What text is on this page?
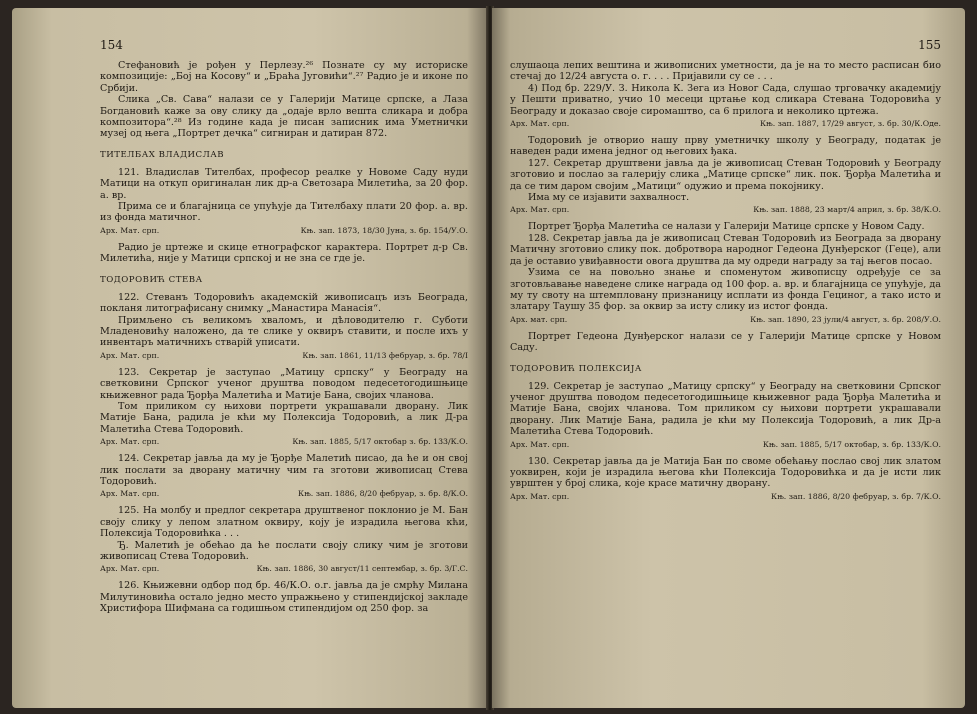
154

Стефановић је рођен у Перлезу.²⁶ Познате су му историске композиције: „Бој на Косову“ и „Браћа Југовићи“.²⁷ Радио је и иконе по Србији.

Слика „Св. Сава“ налази се у Галерији Матице српске, а Лаза Богдановић каже за ову слику да „одаје врло вешта сликара и добра композитора“.²⁸ Из године када је писан записник има Уметнички музеј од њега „Портрет дечка“ сигниран и датиран 872.

ТИТЕЛБАХ ВЛАДИСЛАВ

121. Владислав Тителбах, професор реалке у Новоме Саду нуди Матици на откуп оригиналан лик др-а Светозара Милетића, за 20 фор. а. вр.

Прима се и благајница се упућује да Тителбаху плати 20 фор. а. вр. из фонда матичног.

Арх. Мат. срп.	Књ. зап. 1873, 18/30 Јуна, з. бр. 154/У.О.

Радио је цртеже и скице етнографског карактера. Портрет д-р Св. Милетића, није у Матици српској и не зна се где је.

ТОДОРОВИЋ СТЕВА

122. Стеванъ Тодоровићъ академскій живописацъ изъ Београда, покланя литографисану снимку „Манастира Манасія“.

Примљено съ великомъ хваломъ, и дѣловодителю г. Суботи Младеновићу наложено, да те слике у оквиръ ставити, и после ихъ у инвентаръ матичнихъ стварій уписати.

Арх. Мат. срп.	Књ. зап. 1861, 11/13 фебруар, з. бр. 78/I

123. Секретар је заступао „Матицу српску“ у Београду на светковини Српског ученог друштва поводом педесетогодишњице књижевног рада Ђорђа Малетића и Матије Бана, својих чланова.

Том приликом су њихови портрети украшавали дворану. Лик Матије Бана, радила је кћи му Полексија Тодоровић, а лик Д-ра Малетића Стева Тодоровић.

Арх. Мат. срп.	Књ. зап. 1885, 5/17 октобар з. бр. 133/К.О.

124. Секретар јавља да му је Ђорђе Малетић писао, да ће и он свој лик послати за дворану матичну чим га зготови живописац Стева Тодоровић.

Арх. Мат. срп.	Књ. зап. 1886, 8/20 фебруар, з. бр. 8/К.О.

125. На молбу и предлог секретара друштвеног поклонио је М. Бан своју слику у лепом златном оквиру, коју је израдила његова кћи, Полексија Тодоровићка . . .

Ђ. Малетић је обећао да ће послати своју слику чим је зготови живописац Стева Тодоровић.

Арх. Мат. срп.	Књ. зап. 1886, 30 август/11 септембар, з. бр. 3/Г.С.

126. Књижевни одбор под бр. 46/К.О. о.г. јавља да је смрћу Милана Милутиновића остало једно место упражњено у стипендијској закладе Христифора Шифмана са годишњом стипендијом од 250 фор. за

155

слушаоца лепих вештина и живописних уметности, да је на то место расписан био стечај до 12/24 августа о. г. . . . Пријавили су се . . .

4) Под бр. 229/У. З. Никола К. Зега из Новог Сада, слушао трговачку академију у Пешти приватно, учио 10 месеци цртање код сликара Стевана Тодоровића у Београду и доказао своје сиромаштво, са 6 прилога и неколико цртежа.

Арх. Мат. срп.	Књ. зап. 1887, 17/29 август, з. бр. 30/К.Оде.

Тодоровић је отворио нашу прву уметничку школу у Београду, податак је наведен ради имена једног од његових ђака.

127. Секретар друштвени јавља да је живописац Стеван Тодоровић у Београду зготовио и послао за галерију слика „Матице српске“ лик. пок. Ђорђа Малетића и да се тим даром својим „Матици“ одужио и према покојнику.

Има му се изјавити захвалност.

Арх. Мат. срп.	Књ. зап. 1888, 23 март/4 април, з. бр. 38/К.О.

Портрет Ђорђа Малетића се налази у Галерији Матице српске у Новом Саду.

128. Секретар јавља да је живописац Стеван Тодоровић из Београда за дворану Матичну зготовио слику пок. добротвора народног Гедеона Дунђерског (Геце), али да је оставио увиђавности овога друштва да му одреди награду за тај његов посао.

Узима се на повољно знање и споменутом живописцу одређује се за зготовљавање наведене слике награда од 100 фор. а. вр. и благајница се упућује, да му ту своту на штемплованy признаницу исплати из фонда Гецинoг, а тако исто и златару Таушу 35 фор. за оквир за исту слику из истог фонда.

Арх. мат. срп.	Књ. зап. 1890, 23 јули/4 август, з. бр. 208/У.О.

Портрет Гедеона Дунђерског налази се у Галерији Матице српске у Новом Саду.

ТОДОРОВИЋ ПОЛЕКСИЈА

129. Секретар је заступао „Матицу српску“ у Београду на светковини Српског ученог друштва поводом педесетогодишњице књижевног рада Ђорђа Малетића и Матије Бана, својих чланова. Том приликом су њихови портрети украшавали дворану. Лик Матије Бана, радила је кћи му Полексија Тодоровић, а лик Др-а Малетића Стева Тодоровић.

Арх. Мат. срп.	Књ. зап. 1885, 5/17 октобар, з. бр. 133/К.О.

130. Секретар јавља да је Матија Бан по своме обећању послао свој лик златом уоквирен, који је израдила његова кћи Полексија Тодоровићка и да је исти лик уврштен у број слика, које красе матичну дворану.

Арх. Мат. срп.	Књ. зап. 1886, 8/20 фебруар, з. бр. 7/К.О.
